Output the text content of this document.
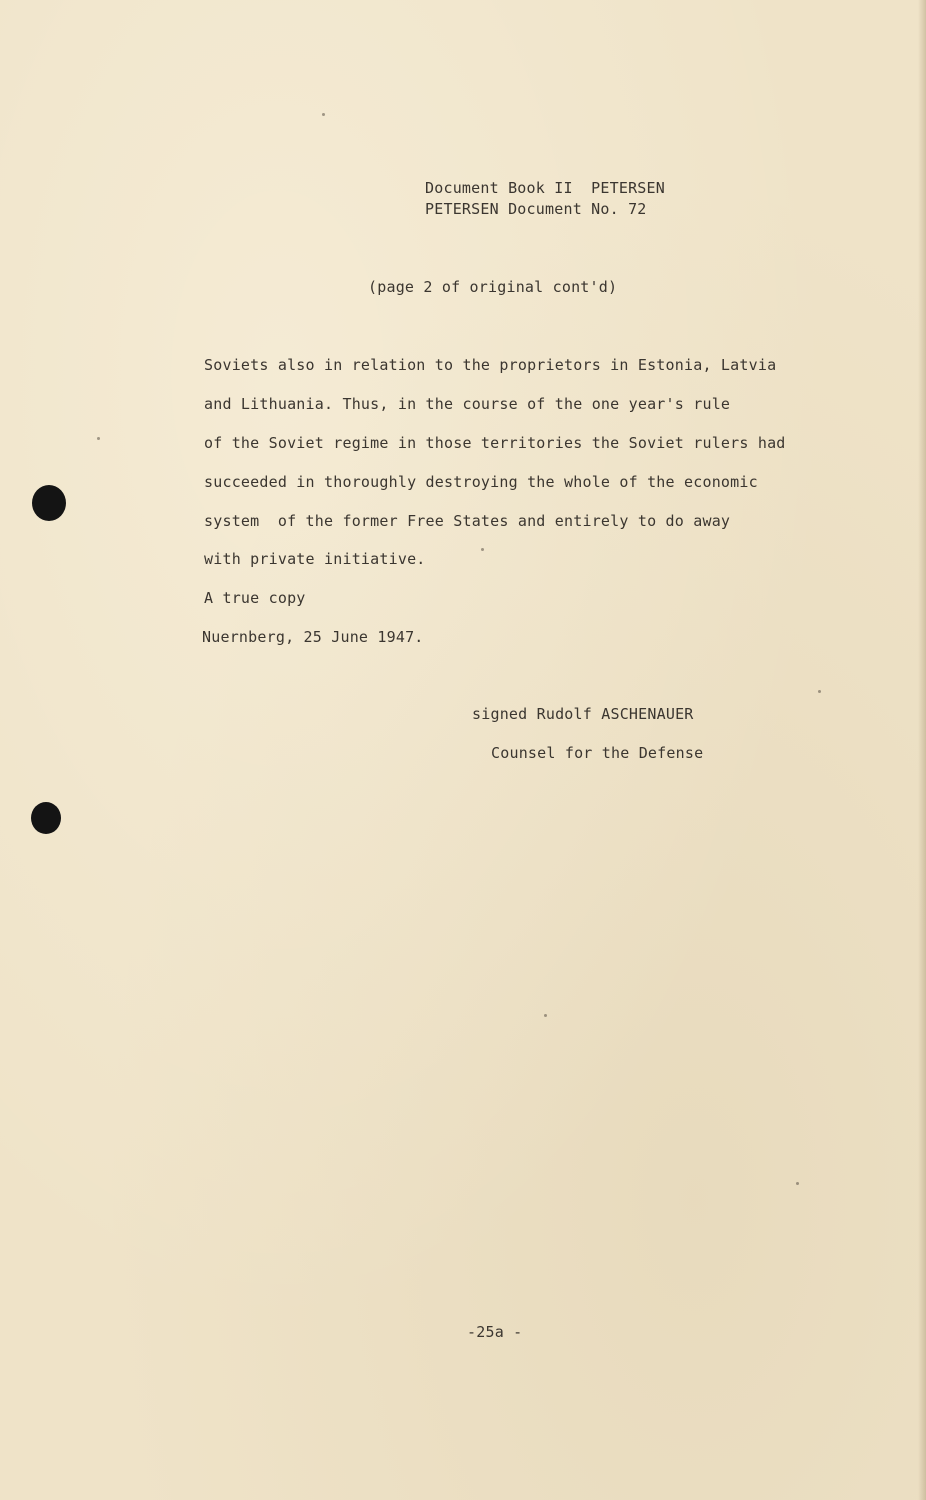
Document Book II  PETERSEN
PETERSEN Document No. 72
(page 2 of original cont'd)
Soviets also in relation to the proprietors in Estonia, Latvia
and Lithuania. Thus, in the course of the one year's rule
of the Soviet regime in those territories the Soviet rulers had
succeeded in thoroughly destroying the whole of the economic
system  of the former Free States and entirely to do away
with private initiative.
A true copy
Nuernberg, 25 June 1947.
signed Rudolf ASCHENAUER
Counsel for the Defense
-25a -
